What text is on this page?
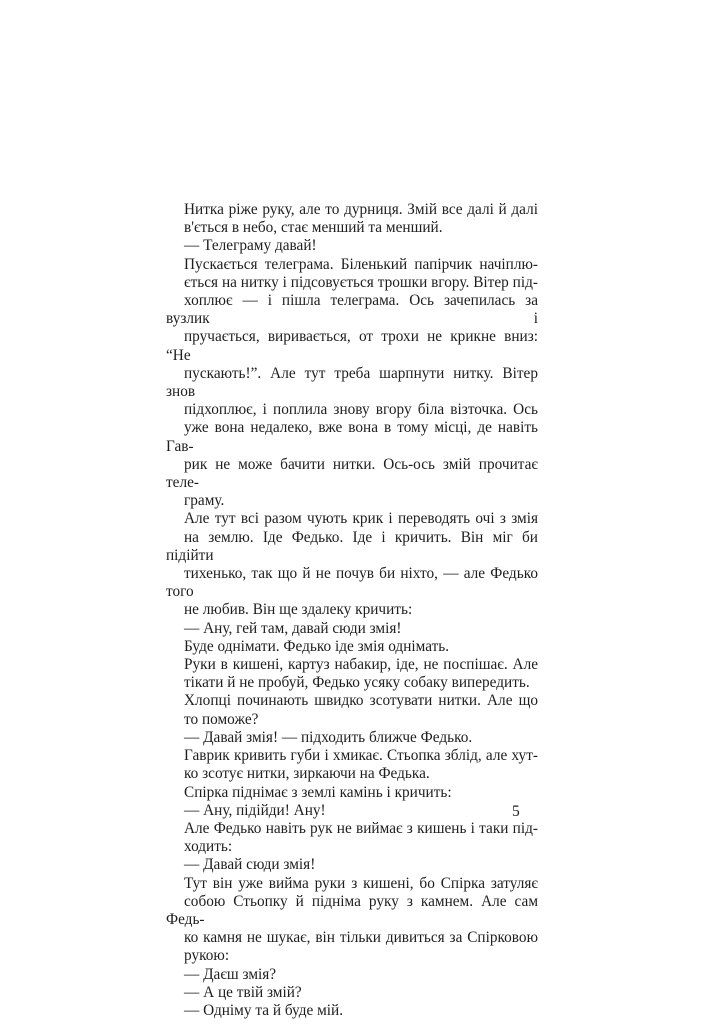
Нитка ріже руку, але то дурниця. Змій все далі й далі
в'ється в небо, стає менший та менший.

— Телеграму давай!

Пускається телеграма. Біленький папірчик начіплю-
ється на нитку і підсовується трошки вгору. Вітер під-
хоплює — і пішла телеграма. Ось зачепилась за вузлик і
пручається, виривається, от трохи не крикне вниз: “Не
пускають!”. Але тут треба шарпнути нитку. Вітер знов
підхоплює, і поплила знову вгору біла візточка. Ось
уже вона недалеко, вже вона в тому місці, де навіть Гав-
рик не може бачити нитки. Ось-ось змій прочитає теле-
граму.

Але тут всі разом чують крик і переводять очі з змія
на землю. Іде Федько. Іде і кричить. Він міг би підійти
тихенько, так що й не почув би ніхто, — але Федько того
не любив. Він ще здалеку кричить:

— Ану, гей там, давай сюди змія!

Буде однімати. Федько іде змія однімать.

Руки в кишені, картуз набакир, іде, не поспішає. Але
тікати й не пробуй, Федько усяку собаку випередить.

Хлопці починають швидко зсотувати нитки. Але що
то поможе?

— Давай змія! — підходить ближче Федько.

Гаврик кривить губи і хмикає. Стьопка зблід, але хут-
ко зсотує нитки, зиркаючи на Федька.

Спірка піднімає з землі камінь і кричить:

— Ану, підійди! Ану!

Але Федько навіть рук не виймає з кишень і таки під-
ходить:

— Давай сюди змія!

Тут він уже вийма руки з кишені, бо Спірка затуляє
собою Стьопку й підніма руку з камнем. Але сам Федь-
ко камня не шукає, він тільки дивиться за Спірковою
рукою:

— Даєш змія?

— А це твій змій?

— Одніму та й буде мій.

5
